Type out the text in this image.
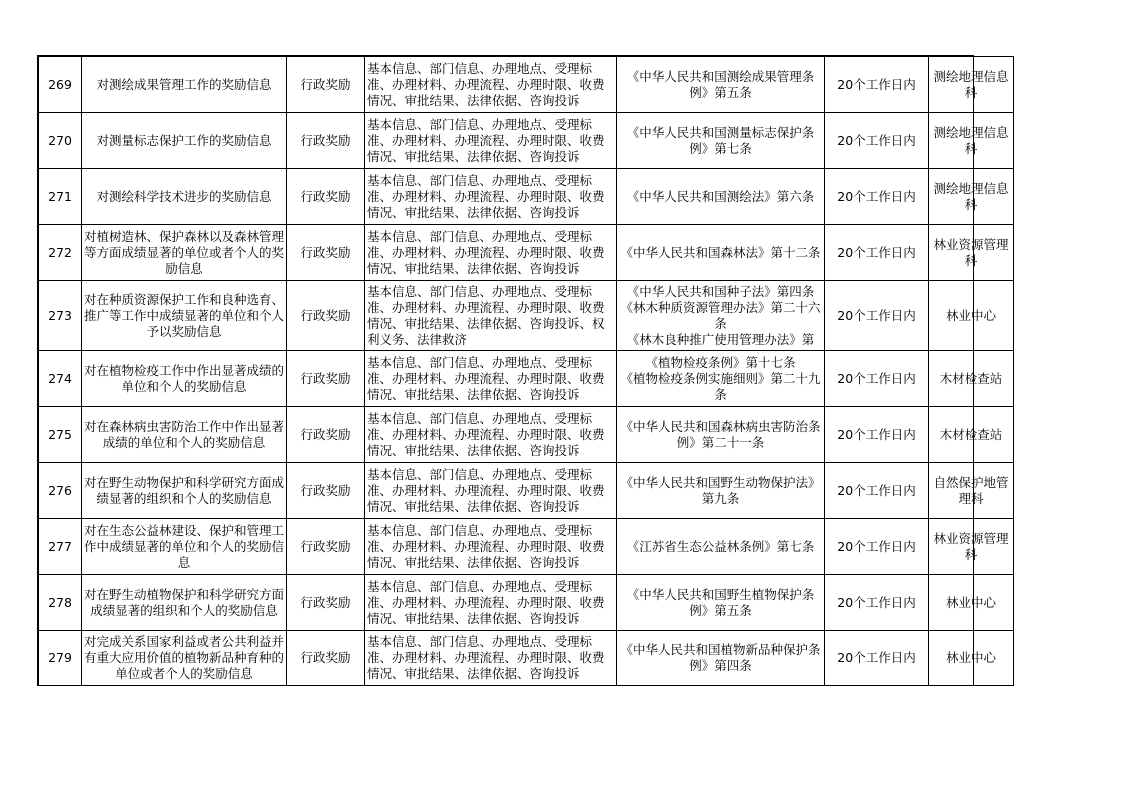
269	对测绘成果管理工作的奖励信息	行政奖励	基本信息、部门信息、办理地点、受理标准、办理材料、办理流程、办理时限、收费情况、审批结果、法律依据、咨询投诉	《中华人民共和国测绘成果管理条例》第五条	20个工作日内	测绘地理信息科

270	对测量标志保护工作的奖励信息	行政奖励	基本信息、部门信息、办理地点、受理标准、办理材料、办理流程、办理时限、收费情况、审批结果、法律依据、咨询投诉	《中华人民共和国测量标志保护条例》第七条	20个工作日内	测绘地理信息科

271	对测绘科学技术进步的奖励信息	行政奖励	基本信息、部门信息、办理地点、受理标准、办理材料、办理流程、办理时限、收费情况、审批结果、法律依据、咨询投诉	《中华人民共和国测绘法》第六条	20个工作日内	测绘地理信息科

272	对植树造林、保护森林以及森林管理等方面成绩显著的单位或者个人的奖励信息	行政奖励	基本信息、部门信息、办理地点、受理标准、办理材料、办理流程、办理时限、收费情况、审批结果、法律依据、咨询投诉	《中华人民共和国森林法》第十二条	20个工作日内	林业资源管理科

273	对在种质资源保护工作和良种选育、推广等工作中成绩显著的单位和个人予以奖励信息	行政奖励	基本信息、部门信息、办理地点、受理标准、办理材料、办理流程、办理时限、收费情况、审批结果、法律依据、咨询投诉、权利义务、法律救济	《中华人民共和国种子法》第四条
《林木种质资源管理办法》第二十六条
《林木良种推广使用管理办法》第	20个工作日内	林业中心

274	对在植物检疫工作中作出显著成绩的单位和个人的奖励信息	行政奖励	基本信息、部门信息、办理地点、受理标准、办理材料、办理流程、办理时限、收费情况、审批结果、法律依据、咨询投诉	《植物检疫条例》第十七条
《植物检疫条例实施细则》第二十九条	20个工作日内	木材检查站

275	对在森林病虫害防治工作中作出显著成绩的单位和个人的奖励信息	行政奖励	基本信息、部门信息、办理地点、受理标准、办理材料、办理流程、办理时限、收费情况、审批结果、法律依据、咨询投诉	《中华人民共和国森林病虫害防治条例》第二十一条	20个工作日内	木材检查站

276	对在野生动物保护和科学研究方面成绩显著的组织和个人的奖励信息	行政奖励	基本信息、部门信息、办理地点、受理标准、办理材料、办理流程、办理时限、收费情况、审批结果、法律依据、咨询投诉	《中华人民共和国野生动物保护法》第九条	20个工作日内	自然保护地管理科

277	对在生态公益林建设、保护和管理工作中成绩显著的单位和个人的奖励信息	行政奖励	基本信息、部门信息、办理地点、受理标准、办理材料、办理流程、办理时限、收费情况、审批结果、法律依据、咨询投诉	《江苏省生态公益林条例》第七条	20个工作日内	林业资源管理科

278	对在野生动植物保护和科学研究方面成绩显著的组织和个人的奖励信息	行政奖励	基本信息、部门信息、办理地点、受理标准、办理材料、办理流程、办理时限、收费情况、审批结果、法律依据、咨询投诉	《中华人民共和国野生植物保护条例》第五条	20个工作日内	林业中心

279	对完成关系国家利益或者公共利益并有重大应用价值的植物新品种育种的单位或者个人的奖励信息	行政奖励	基本信息、部门信息、办理地点、受理标准、办理材料、办理流程、办理时限、收费情况、审批结果、法律依据、咨询投诉	《中华人民共和国植物新品种保护条例》第四条	20个工作日内	林业中心
